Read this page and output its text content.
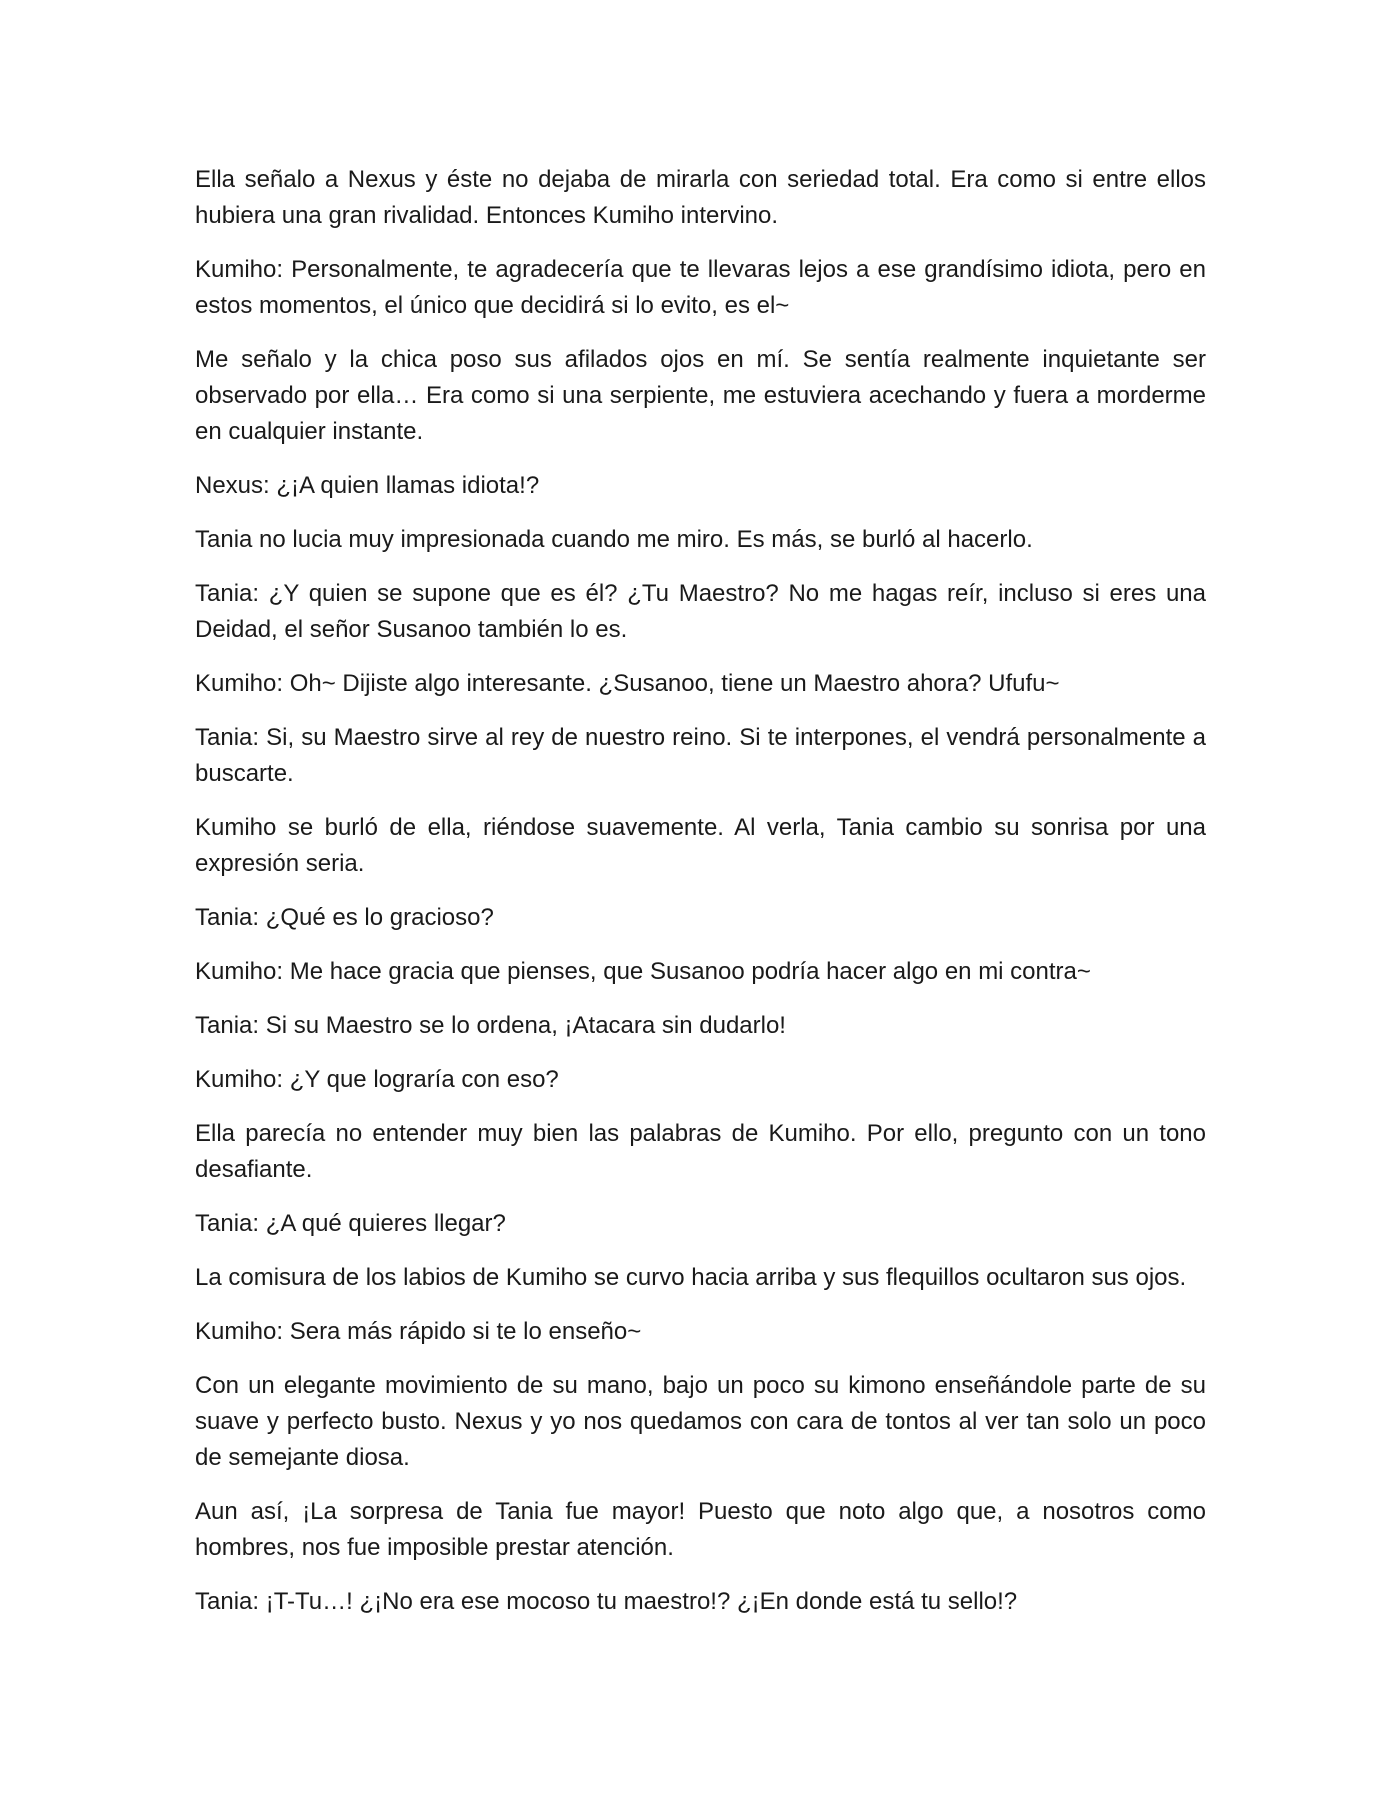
Ella señalo a Nexus y éste no dejaba de mirarla con seriedad total. Era como si entre ellos hubiera una gran rivalidad. Entonces Kumiho intervino.

Kumiho: Personalmente, te agradecería que te llevaras lejos a ese grandísimo idiota, pero en estos momentos, el único que decidirá si lo evito, es el~

Me señalo y la chica poso sus afilados ojos en mí. Se sentía realmente inquietante ser observado por ella… Era como si una serpiente, me estuviera acechando y fuera a morderme en cualquier instante.

Nexus: ¿¡A quien llamas idiota!?

Tania no lucia muy impresionada cuando me miro. Es más, se burló al hacerlo.

Tania: ¿Y quien se supone que es él? ¿Tu Maestro? No me hagas reír, incluso si eres una Deidad, el señor Susanoo también lo es.

Kumiho: Oh~ Dijiste algo interesante. ¿Susanoo, tiene un Maestro ahora? Ufufu~

Tania: Si, su Maestro sirve al rey de nuestro reino. Si te interpones, el vendrá personalmente a buscarte.

Kumiho se burló de ella, riéndose suavemente. Al verla, Tania cambio su sonrisa por una expresión seria.

Tania: ¿Qué es lo gracioso?

Kumiho: Me hace gracia que pienses, que Susanoo podría hacer algo en mi contra~

Tania: Si su Maestro se lo ordena, ¡Atacara sin dudarlo!

Kumiho: ¿Y que lograría con eso?

Ella parecía no entender muy bien las palabras de Kumiho. Por ello, pregunto con un tono desafiante.

Tania: ¿A qué quieres llegar?

La comisura de los labios de Kumiho se curvo hacia arriba y sus flequillos ocultaron sus ojos.

Kumiho: Sera más rápido si te lo enseño~

Con un elegante movimiento de su mano, bajo un poco su kimono enseñándole parte de su suave y perfecto busto. Nexus y yo nos quedamos con cara de tontos al ver tan solo un poco de semejante diosa.

Aun así, ¡La sorpresa de Tania fue mayor! Puesto que noto algo que, a nosotros como hombres, nos fue imposible prestar atención.

Tania: ¡T-Tu…! ¿¡No era ese mocoso tu maestro!? ¿¡En donde está tu sello!?
